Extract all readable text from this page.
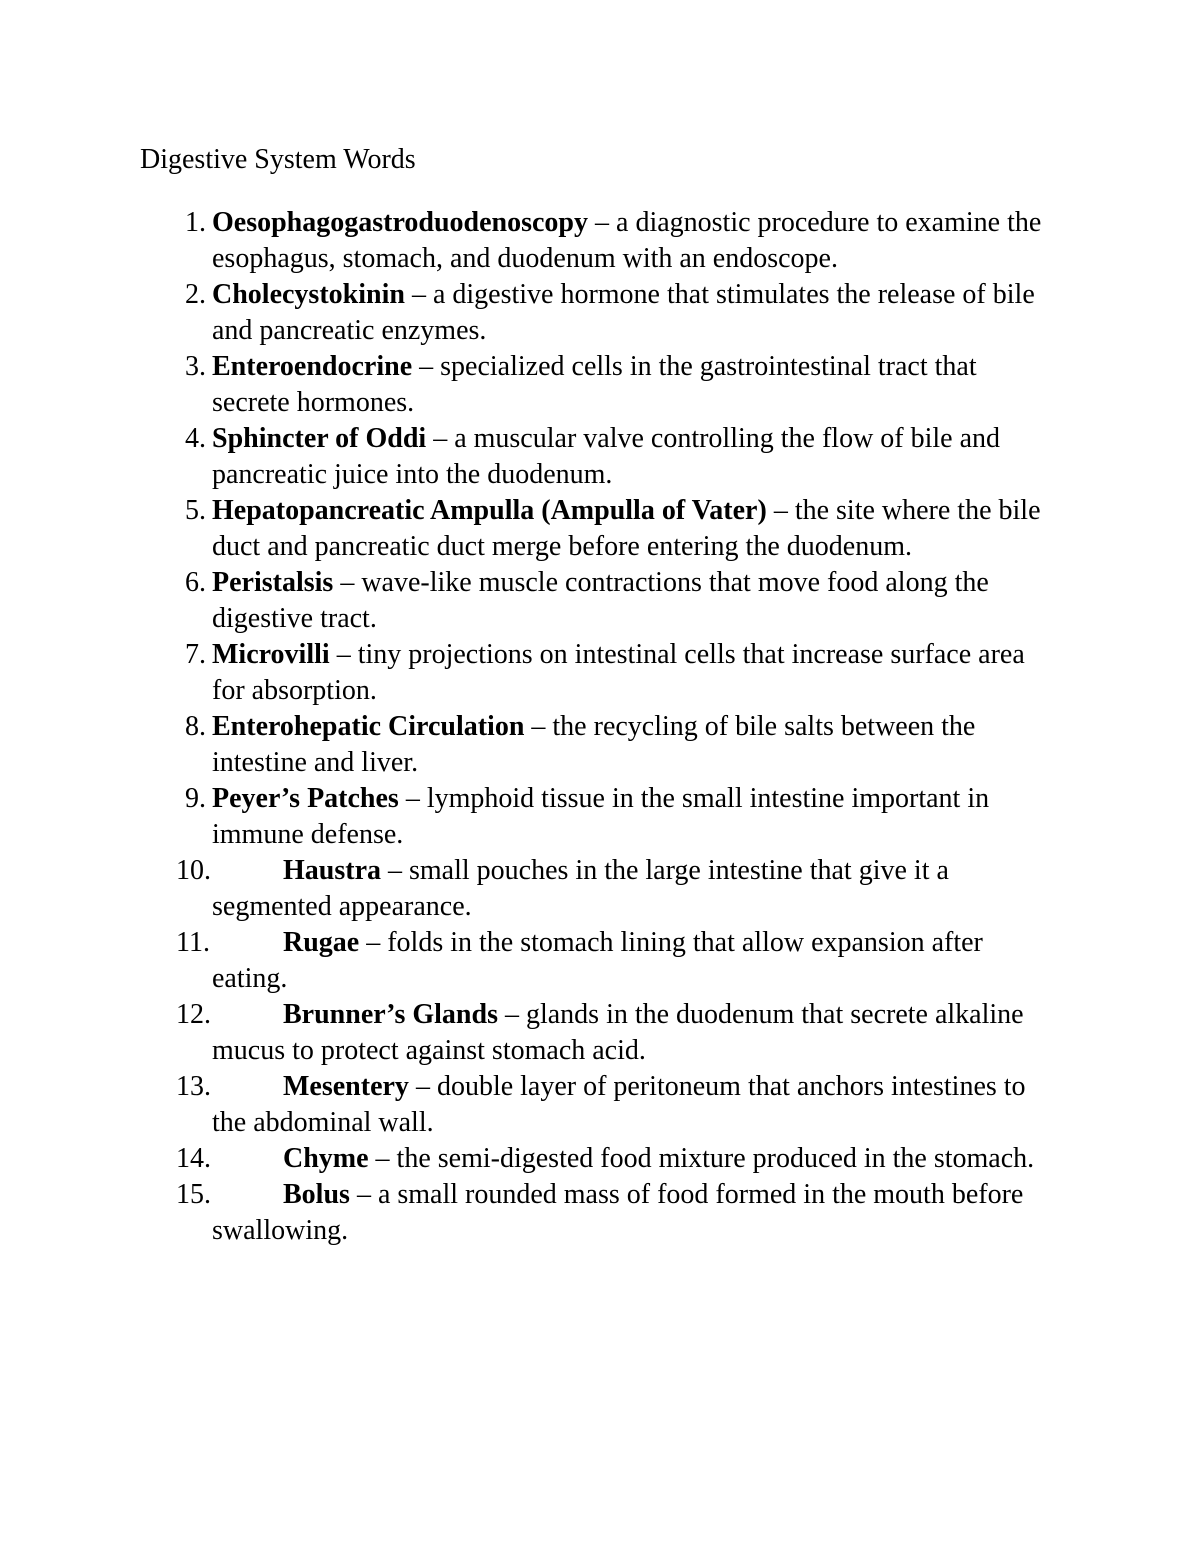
Digestive System Words
1. Oesophagogastroduodenoscopy – a diagnostic procedure to examine the esophagus, stomach, and duodenum with an endoscope.
2. Cholecystokinin – a digestive hormone that stimulates the release of bile and pancreatic enzymes.
3. Enteroendocrine – specialized cells in the gastrointestinal tract that secrete hormones.
4. Sphincter of Oddi – a muscular valve controlling the flow of bile and pancreatic juice into the duodenum.
5. Hepatopancreatic Ampulla (Ampulla of Vater) – the site where the bile duct and pancreatic duct merge before entering the duodenum.
6. Peristalsis – wave-like muscle contractions that move food along the digestive tract.
7. Microvilli – tiny projections on intestinal cells that increase surface area for absorption.
8. Enterohepatic Circulation – the recycling of bile salts between the intestine and liver.
9. Peyer’s Patches – lymphoid tissue in the small intestine important in immune defense.
10.	Haustra – small pouches in the large intestine that give it a segmented appearance.
11.	Rugae – folds in the stomach lining that allow expansion after eating.
12.	Brunner’s Glands – glands in the duodenum that secrete alkaline mucus to protect against stomach acid.
13.	Mesentery – double layer of peritoneum that anchors intestines to the abdominal wall.
14.	Chyme – the semi-digested food mixture produced in the stomach.
15.	Bolus – a small rounded mass of food formed in the mouth before swallowing.
